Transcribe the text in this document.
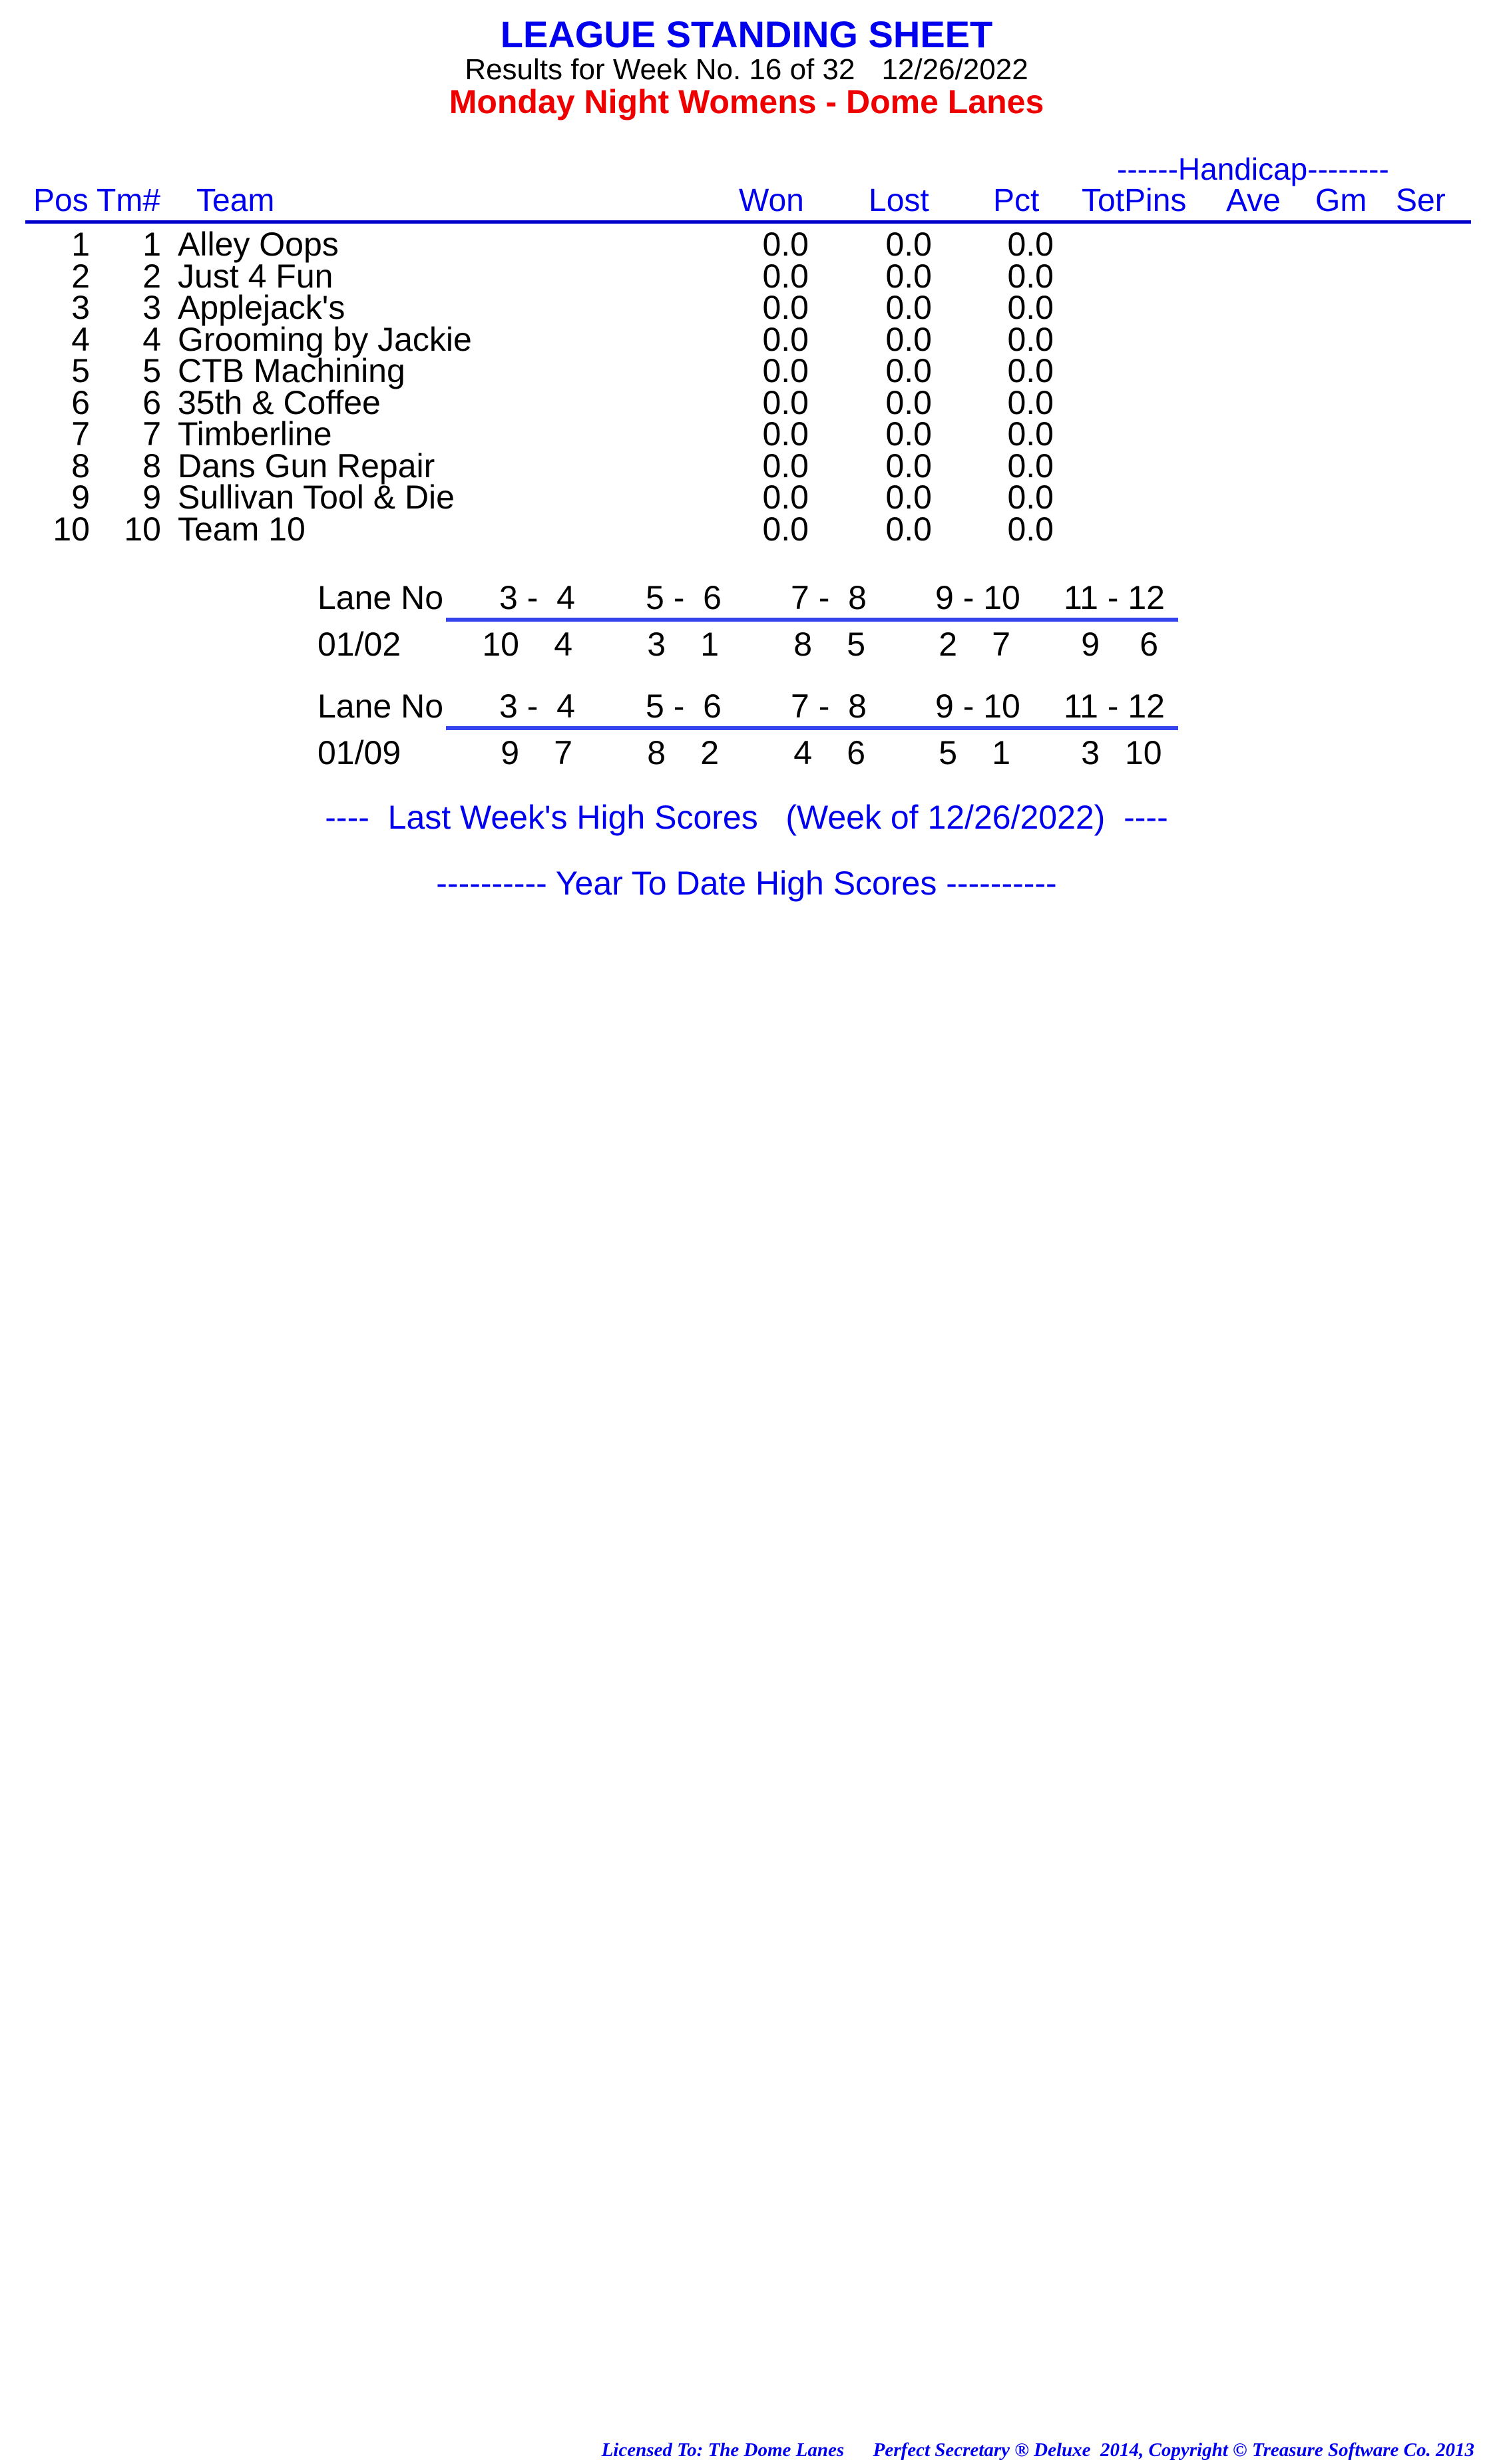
LEAGUE STANDING SHEET
Results for Week No. 16 of 32 12/26/2022
Monday Night Womens - Dome Lanes
------Handicap--------
Pos Tm# Team	Won Lost Pct TotPins Ave Gm Ser
1	1 Alley Oops	0.0	0.0	0.0
2	2 Just 4 Fun	0.0	0.0	0.0
3	3 Applejack's	0.0	0.0	0.0
4	4 Grooming by Jackie	0.0	0.0	0.0
5	5 CTB Machining	0.0	0.0	0.0
6	6 35th & Coffee	0.0	0.0	0.0
7	7 Timberline	0.0	0.0	0.0
8	8 Dans Gun Repair	0.0	0.0	0.0
9	9 Sullivan Tool & Die	0.0	0.0	0.0
10	10 Team 10	0.0	0.0	0.0
Lane No 3 -  4 5 -  6 7 -  8 9 - 10 11 - 12
01/02 10	4	3	1	8	5	2	7	9	6
Lane No 3 -  4 5 -  6 7 -  8 9 - 10 11 - 12
01/09	9	7	8	2	4	6	5	1	3 10
----  Last Week's High Scores   (Week of 12/26/2022)  ----
---------- Year To Date High Scores ----------
Licensed To: The Dome Lanes Perfect Secretary ® Deluxe  2014, Copyright © Treasure Software Co. 2013
